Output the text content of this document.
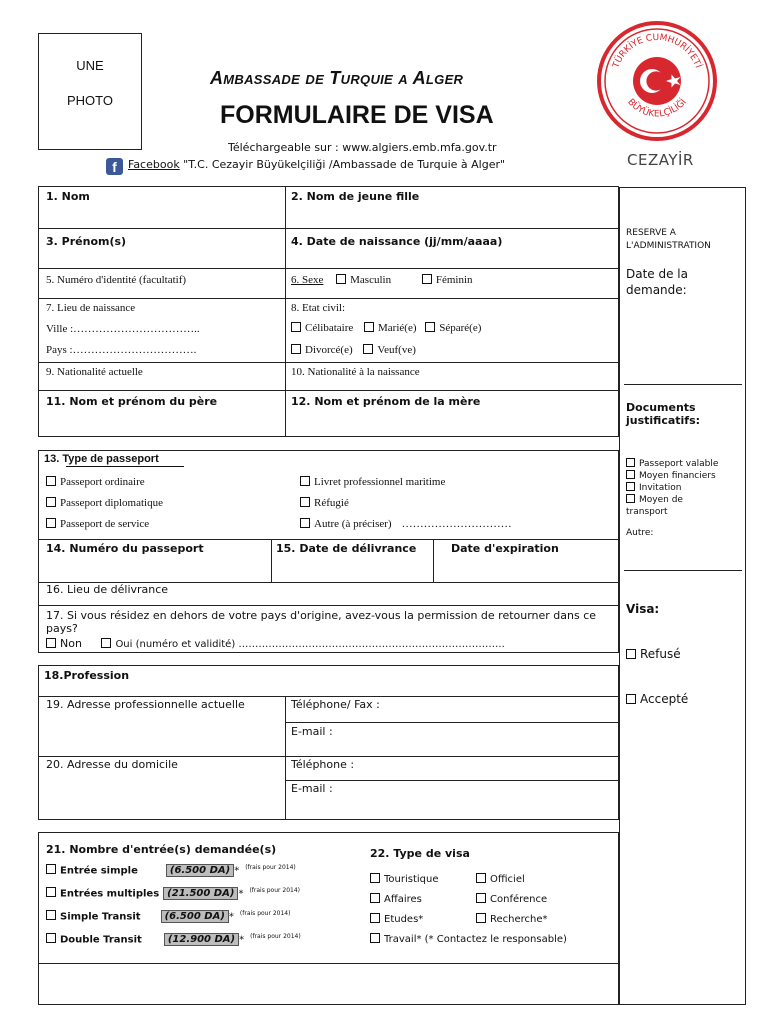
UNE
PHOTO
Ambassade de Turquie a Alger
FORMULAIRE DE VISA
Téléchargeable sur : www.algiers.emb.mfa.gov.tr
f Facebook "T.C. Cezayir Büyükelçiliği /Ambassade de Turquie à Alger"
TÜRKİYE CUMHURİYETİ
BÜYÜKELÇİLİĞİ
CEZAYİR
RESERVE A L'ADMINISTRATION
Date de la demande:
Documents justificatifs:
Passeport valable
Moyen financiers
Invitation
Moyen de transport
Autre:
Visa:
Refusé
Accepté
1. Nom	2. Nom de jeune fille
3. Prénom(s)	4. Date de naissance (jj/mm/aaaa)
5. Numéro d'identité (facultatif)	6. Sexe Masculin	Féminin
7. Lieu de naissance
Ville :……………………………..
Pays :…………………………….
8. Etat civil:
Célibataire Marié(e) Séparé(e)
Divorcé(e) Veuf(ve)
9. Nationalité actuelle	10. Nationalité à la naissance
11. Nom et prénom du père	12. Nom et prénom de la mère
13. Type de passeport
Passeport ordinaire
Passeport diplomatique
Passeport de service
Livret professionnel maritime
Réfugié
Autre (à préciser) …………………………
14. Numéro du passeport	15. Date de délivrance	Date d'expiration
16. Lieu de délivrance
17. Si vous résidez en dehors de votre pays d'origine, avez-vous la permission de retourner dans ce pays?
Non	Oui (numéro et validité) ……………………………………………………………………..
18.Profession
19. Adresse professionnelle actuelle	Téléphone/ Fax :
E-mail :
20. Adresse du domicile	Téléphone :
E-mail :
21. Nombre d'entrée(s) demandée(s)
Entrée simple	(6.500 DA) * $^{(frais pour 2014)}$
Entrées multiples (21.500 DA) * $^{(frais pour 2014)}$
Simple Transit (6.500 DA) * $^{(frais pour 2014)}$
Double Transit	(12.900 DA) * $^{(frais pour 2014)}$
22. Type de visa
Touristique	Officiel
Affaires	Conférence
Etudes*	Recherche*
Travail* (* Contactez le responsable)
